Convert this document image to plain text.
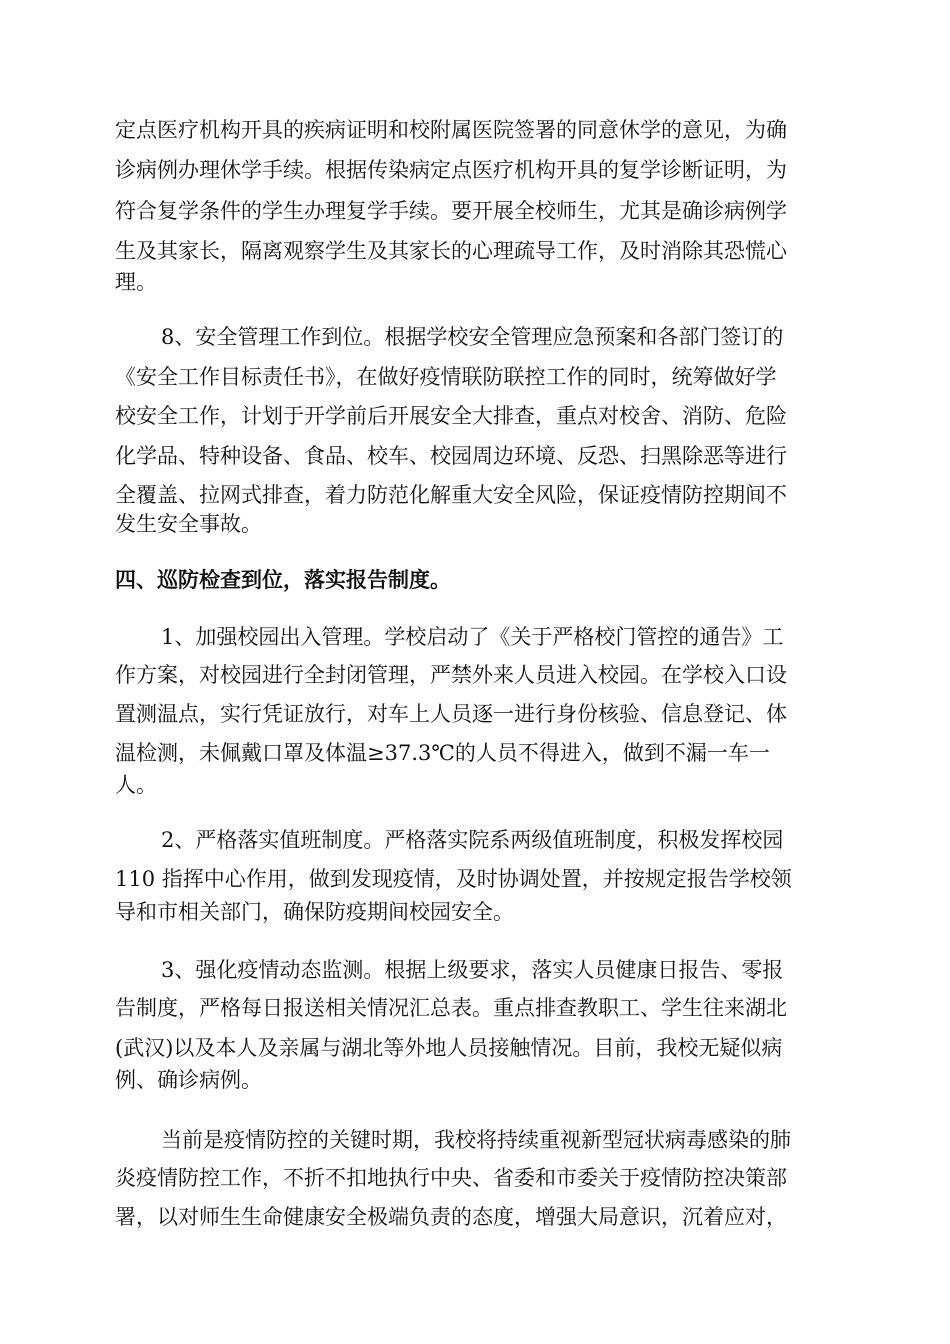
定点医疗机构开具的疾病证明和校附属医院签署的同意休学的意见，为确

诊病例办理休学手续。根据传染病定点医疗机构开具的复学诊断证明，为

符合复学条件的学生办理复学手续。要开展全校师生，尤其是确诊病例学

生及其家长，隔离观察学生及其家长的心理疏导工作，及时消除其恐慌心

理。

8、安全管理工作到位。根据学校安全管理应急预案和各部门签订的

《安全工作目标责任书》，在做好疫情联防联控工作的同时，统筹做好学

校安全工作，计划于开学前后开展安全大排查，重点对校舍、消防、危险

化学品、特种设备、食品、校车、校园周边环境、反恐、扫黑除恶等进行

全覆盖、拉网式排查，着力防范化解重大安全风险，保证疫情防控期间不

发生安全事故。

四、巡防检查到位，落实报告制度。

1、加强校园出入管理。学校启动了《关于严格校门管控的通告》工

作方案，对校园进行全封闭管理，严禁外来人员进入校园。在学校入口设

置测温点，实行凭证放行，对车上人员逐一进行身份核验、信息登记、体

温检测，未佩戴口罩及体温≥37.3℃的人员不得进入，做到不漏一车一

人。

2、严格落实值班制度。严格落实院系两级值班制度，积极发挥校园

110 指挥中心作用，做到发现疫情，及时协调处置，并按规定报告学校领

导和市相关部门，确保防疫期间校园安全。

3、强化疫情动态监测。根据上级要求，落实人员健康日报告、零报

告制度，严格每日报送相关情况汇总表。重点排查教职工、学生往来湖北

(武汉)以及本人及亲属与湖北等外地人员接触情况。目前，我校无疑似病

例、确诊病例。

当前是疫情防控的关键时期，我校将持续重视新型冠状病毒感染的肺

炎疫情防控工作，不折不扣地执行中央、省委和市委关于疫情防控决策部

署，以对师生生命健康安全极端负责的态度，增强大局意识，沉着应对，
